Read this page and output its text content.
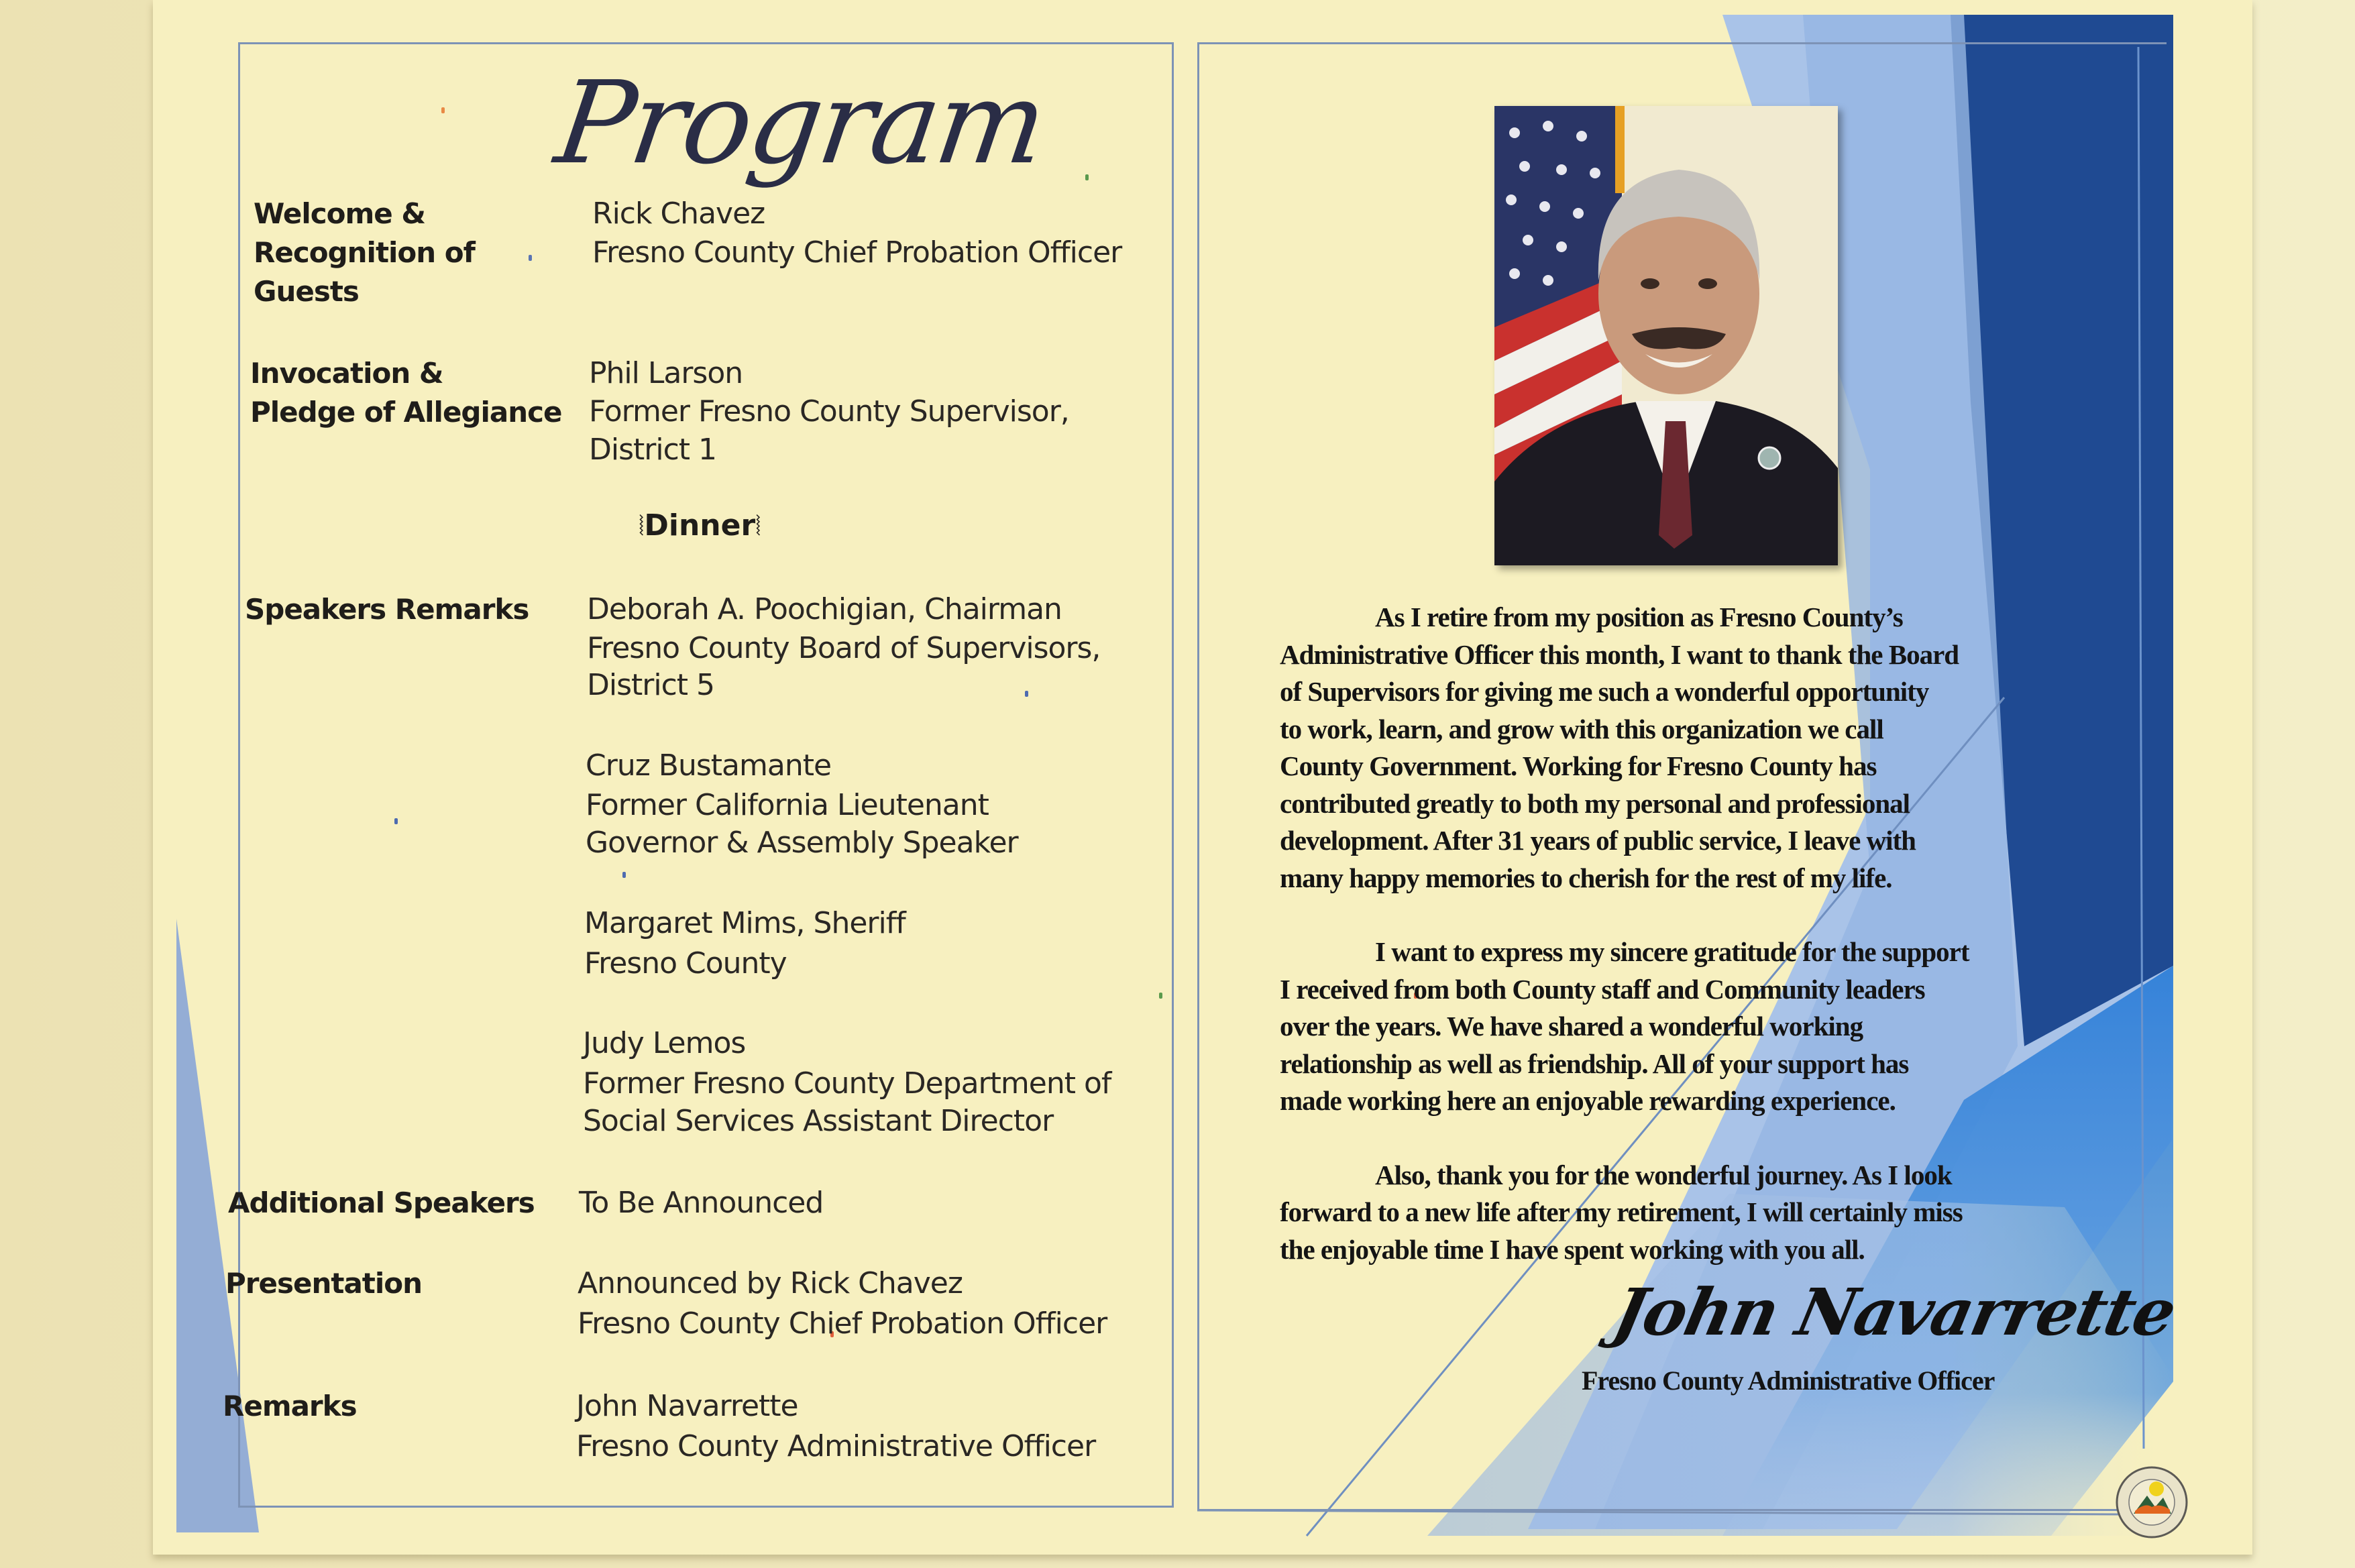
Program
Welcome &
Recognition of
Guests
Rick Chavez
Fresno County Chief Probation Officer
Invocation &
Pledge of Allegiance
Phil Larson
Former Fresno County Supervisor,
District 1
⦚Dinner⦚
Speakers Remarks Deborah A. Poochigian, Chairman
Fresno County Board of Supervisors,
District 5
Cruz Bustamante
Former California Lieutenant
Governor & Assembly Speaker
Margaret Mims, Sheriff
Fresno County
Judy Lemos
Former Fresno County Department of
Social Services Assistant Director
Additional Speakers To Be Announced
Presentation	Announced by Rick Chavez
Fresno County Chief Probation Officer
Remarks	John Navarrette
Fresno County Administrative Officer

As I retire from my position as Fresno County’s
Administrative Officer this month, I want to thank the Board
of Supervisors for giving me such a wonderful opportunity
to work, learn, and grow with this organization we call
County Government. Working for Fresno County has
contributed greatly to both my personal and professional
development. After 31 years of public service, I leave with
many happy memories to cherish for the rest of my life.

I want to express my sincere gratitude for the support
I received from both County staff and Community leaders
over the years. We have shared a wonderful working
relationship as well as friendship. All of your support has
made working here an enjoyable rewarding experience.

Also, thank you for the wonderful journey. As I look
forward to a new life after my retirement, I will certainly miss
the enjoyable time I have spent working with you all.

John Navarrette
Fresno County Administrative Officer
